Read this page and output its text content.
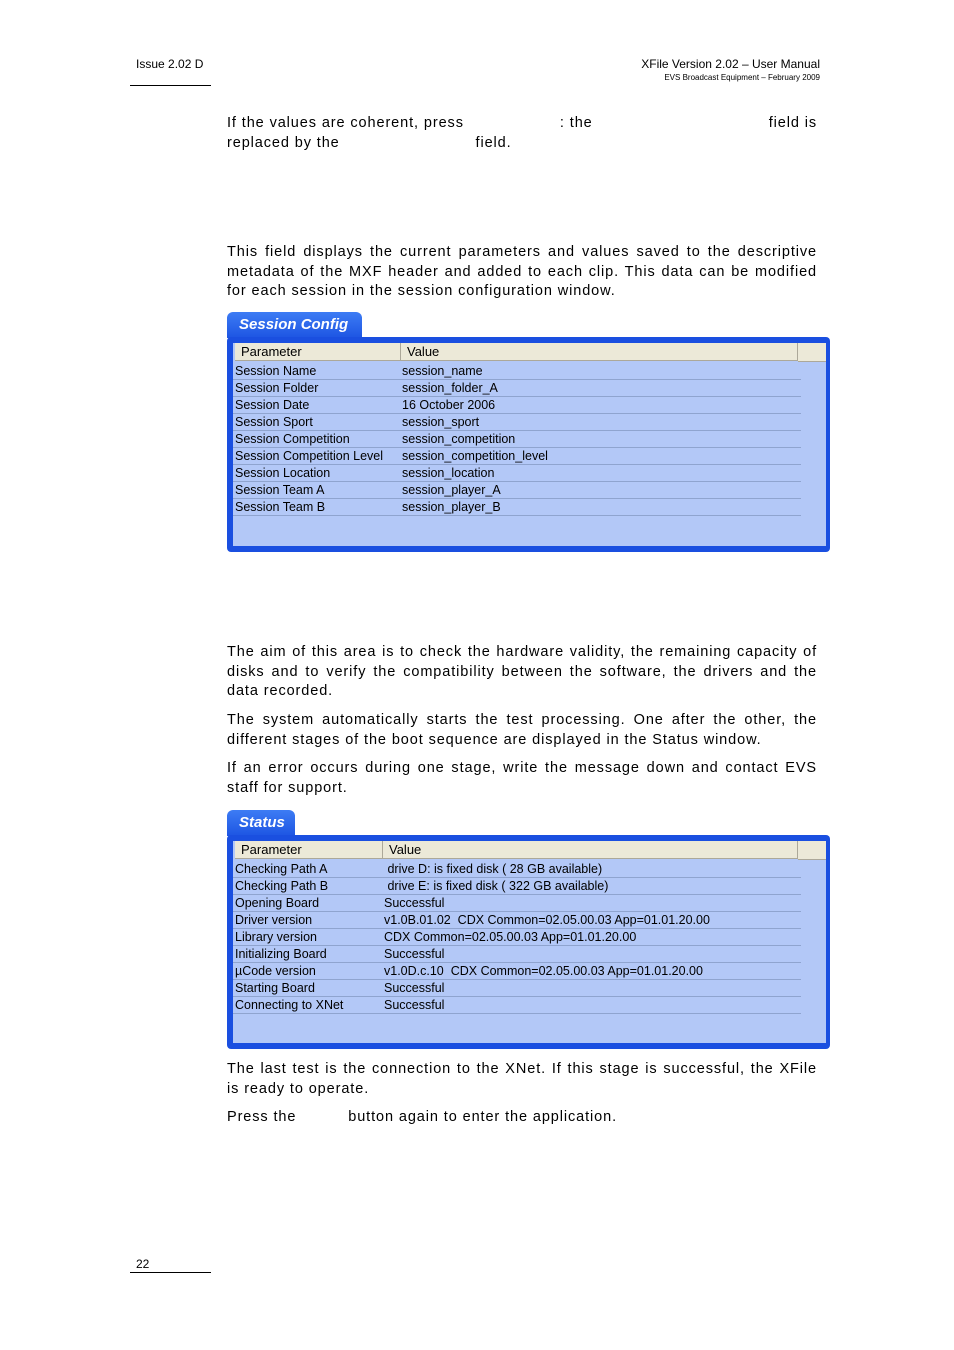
Issue 2.02 D	XFile Version 2.02 – User Manual
EVS Broadcast Equipment – February 2009
If the values are coherent, press	: the	field is
replaced by the	field.
This field displays the current parameters and values saved to the descriptive metadata of the MXF header and added to each clip. This data can be modified for each session in the session configuration window.
Session Config
Parameter	Value
Session Name	session_name
Session Folder	session_folder_A
Session Date	16 October 2006
Session Sport	session_sport
Session Competition	session_competition
Session Competition Level session_competition_level
Session Location	session_location
Session Team A	session_player_A
Session Team B	session_player_B
The aim of this area is to check the hardware validity, the remaining capacity of disks and to verify the compatibility between the software, the drivers and the data recorded.
The system automatically starts the test processing. One after the other, the different stages of the boot sequence are displayed in the Status window.
If an error occurs during one stage, write the message down and contact EVS staff for support.
Status
Parameter	Value
Checking Path A	drive D: is fixed disk ( 28 GB available)
Checking Path B	drive E: is fixed disk ( 322 GB available)
Opening Board	Successful
Driver version	v1.0B.01.02  CDX Common=02.05.00.03 App=01.01.20.00
Library version	CDX Common=02.05.00.03 App=01.01.20.00
Initializing Board	Successful
µCode version	v1.0D.c.10  CDX Common=02.05.00.03 App=01.01.20.00
Starting Board	Successful
Connecting to XNet	Successful
The last test is the connection to the XNet. If this stage is successful, the XFile is ready to operate.
Press the	button again to enter the application.
22
